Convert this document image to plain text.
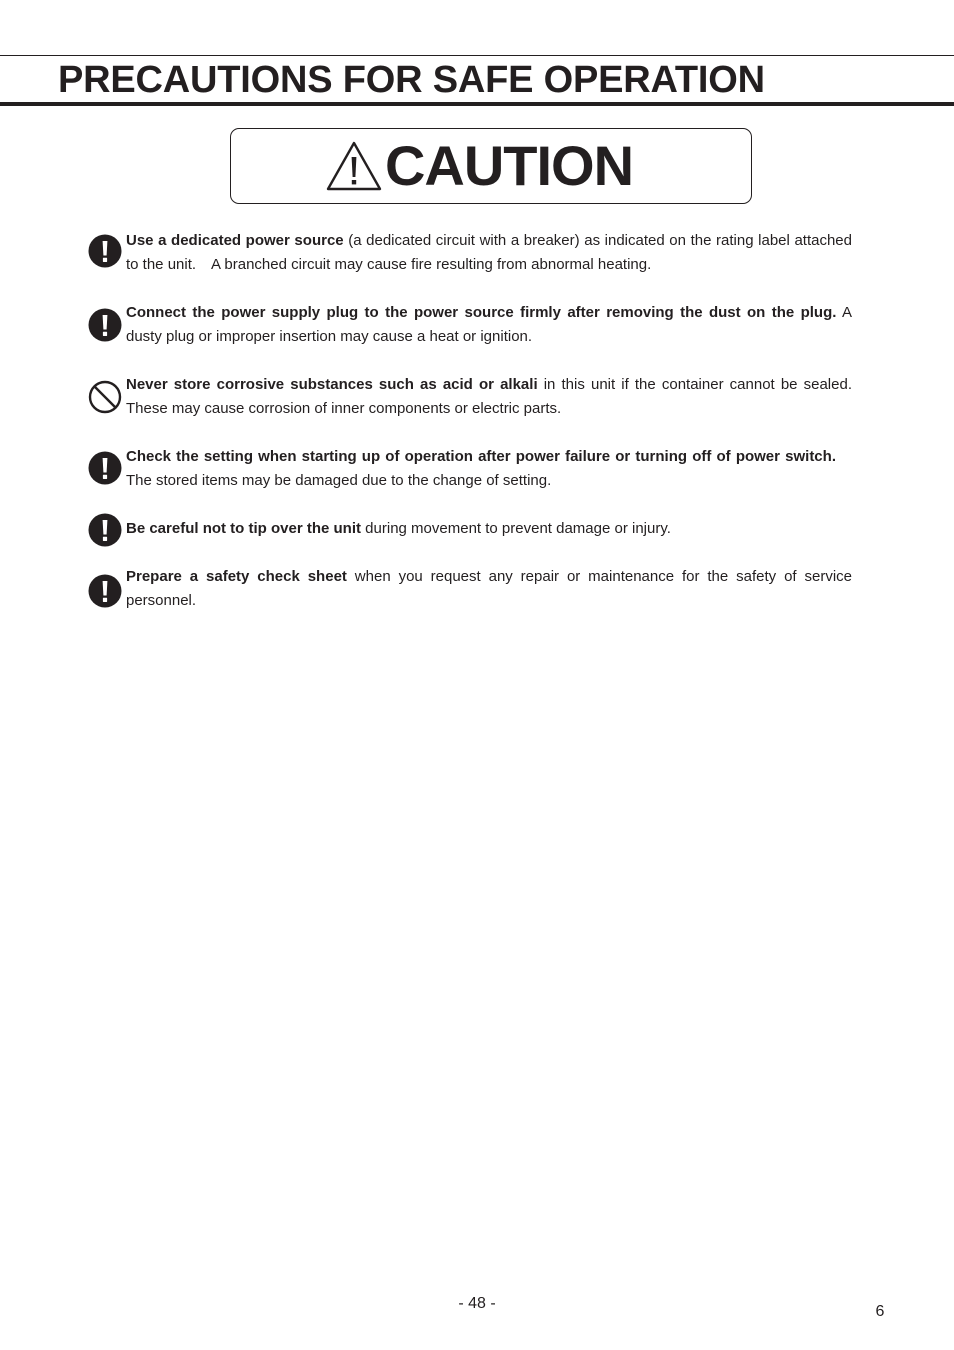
PRECAUTIONS FOR SAFE OPERATION
CAUTION

Use a dedicated power source (a dedicated circuit with a breaker) as indicated on the rating label attached to the unit.　A branched circuit may cause fire resulting from abnormal heating.

Connect the power supply plug to the power source firmly after removing the dust on the plug. A dusty plug or improper insertion may cause a heat or ignition.

Never store corrosive substances such as acid or alkali in this unit if the container cannot be sealed.　These may cause corrosion of inner components or electric parts.

Check the setting when starting up of operation after power failure or turning off of power switch.　The stored items may be damaged due to the change of setting.

Be careful not to tip over the unit during movement to prevent damage or injury.

Prepare a safety check sheet when you request any repair or maintenance for the safety of service personnel.

- 48 -	6
